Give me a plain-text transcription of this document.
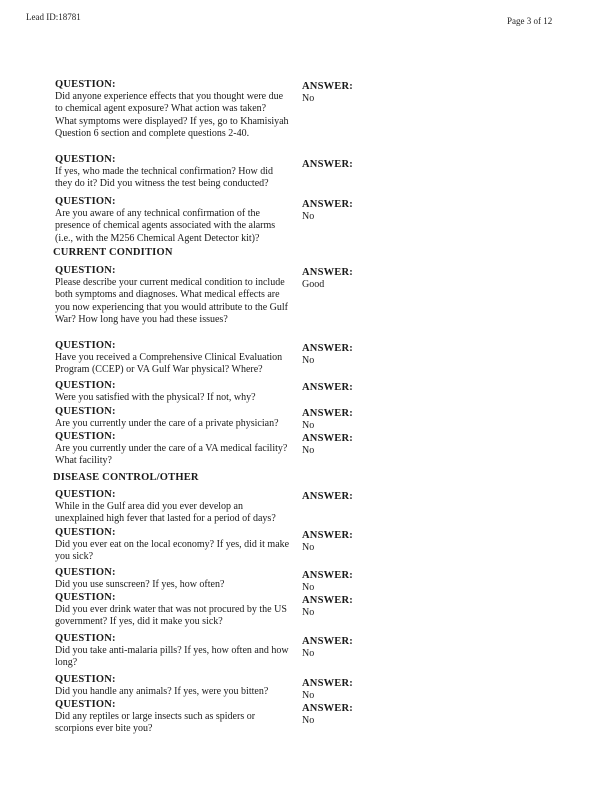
Lead ID:18781	Page 3 of 12
QUESTION:
Did anyone experience effects that you thought were due to chemical agent exposure? What action was taken? What symptoms were displayed? If yes, go to Khamisiyah Question 6 section and complete questions 2-40.
ANSWER:
No
QUESTION:
If yes, who made the technical confirmation? How did they do it? Did you witness the test being conducted?
ANSWER:
QUESTION:
Are you aware of any technical confirmation of the presence of chemical agents associated with the alarms (i.e., with the M256 Chemical Agent Detector kit)?
ANSWER:
No
CURRENT CONDITION
QUESTION:
Please describe your current medical condition to include both symptoms and diagnoses. What medical effects are you now experiencing that you would attribute to the Gulf War? How long have you had these issues?
ANSWER:
Good
QUESTION:
Have you received a Comprehensive Clinical Evaluation Program (CCEP) or VA Gulf War physical? Where?
ANSWER:
No
QUESTION:
Were you satisfied with the physical? If not, why?
ANSWER:
QUESTION:
Are you currently under the care of a private physician?
ANSWER:
No
QUESTION:
Are you currently under the care of a VA medical facility? What facility?
ANSWER:
No
DISEASE CONTROL/OTHER
QUESTION:
While in the Gulf area did you ever develop an unexplained high fever that lasted for a period of days?
ANSWER:
QUESTION:
Did you ever eat on the local economy? If yes, did it make you sick?
ANSWER:
No
QUESTION:
Did you use sunscreen? If yes, how often?
ANSWER:
No
QUESTION:
Did you ever drink water that was not procured by the US government? If yes, did it make you sick?
ANSWER:
No
QUESTION:
Did you take anti-malaria pills? If yes, how often and how long?
ANSWER:
No
QUESTION:
Did you handle any animals? If yes, were you bitten?
ANSWER:
No
QUESTION:
Did any reptiles or large insects such as spiders or scorpions ever bite you?
ANSWER:
No
